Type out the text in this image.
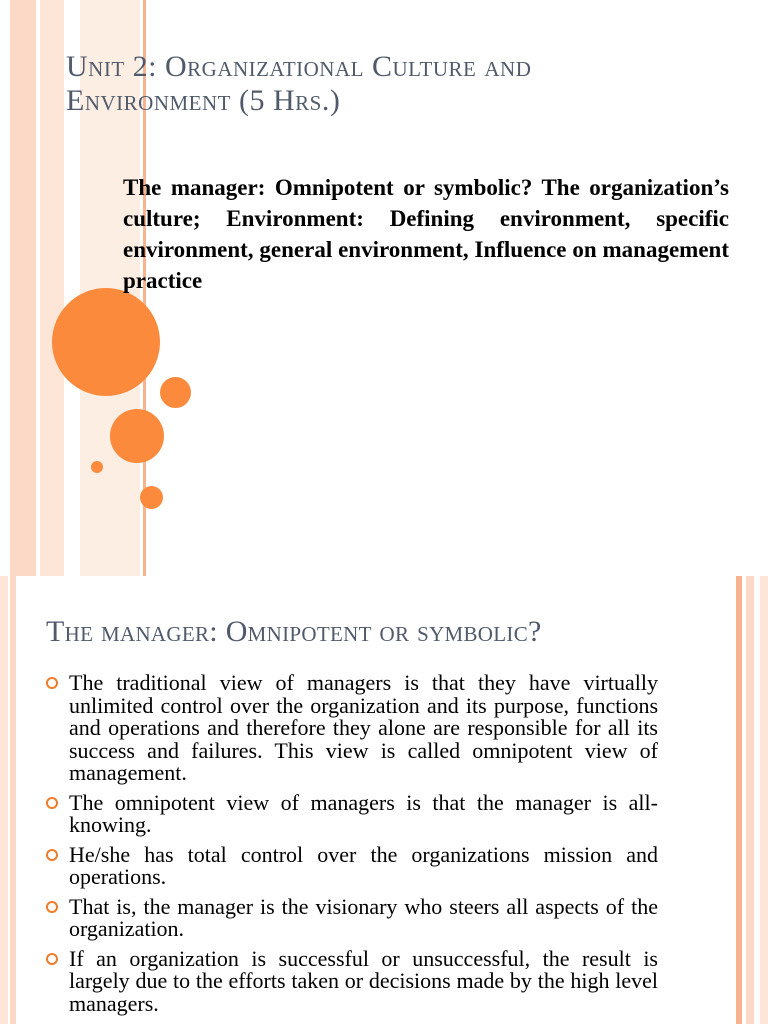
Unit 2: Organizational Culture and
Environment (5 Hrs.)
The manager: Omnipotent or symbolic? The organization’s culture; Environment: Defining environment, specific environment, general environment, Influence on management practice
The manager: Omnipotent or symbolic?
The traditional view of managers is that they have virtually unlimited control over the organization and its purpose, functions and operations and therefore they alone are responsible for all its success and failures. This view is called omnipotent view of management.
The omnipotent view of managers is that the manager is all-knowing.
He/she has total control over the organizations mission and operations.
That is, the manager is the visionary who steers all aspects of the organization.
If an organization is successful or unsuccessful, the result is largely due to the efforts taken or decisions made by the high level managers.
